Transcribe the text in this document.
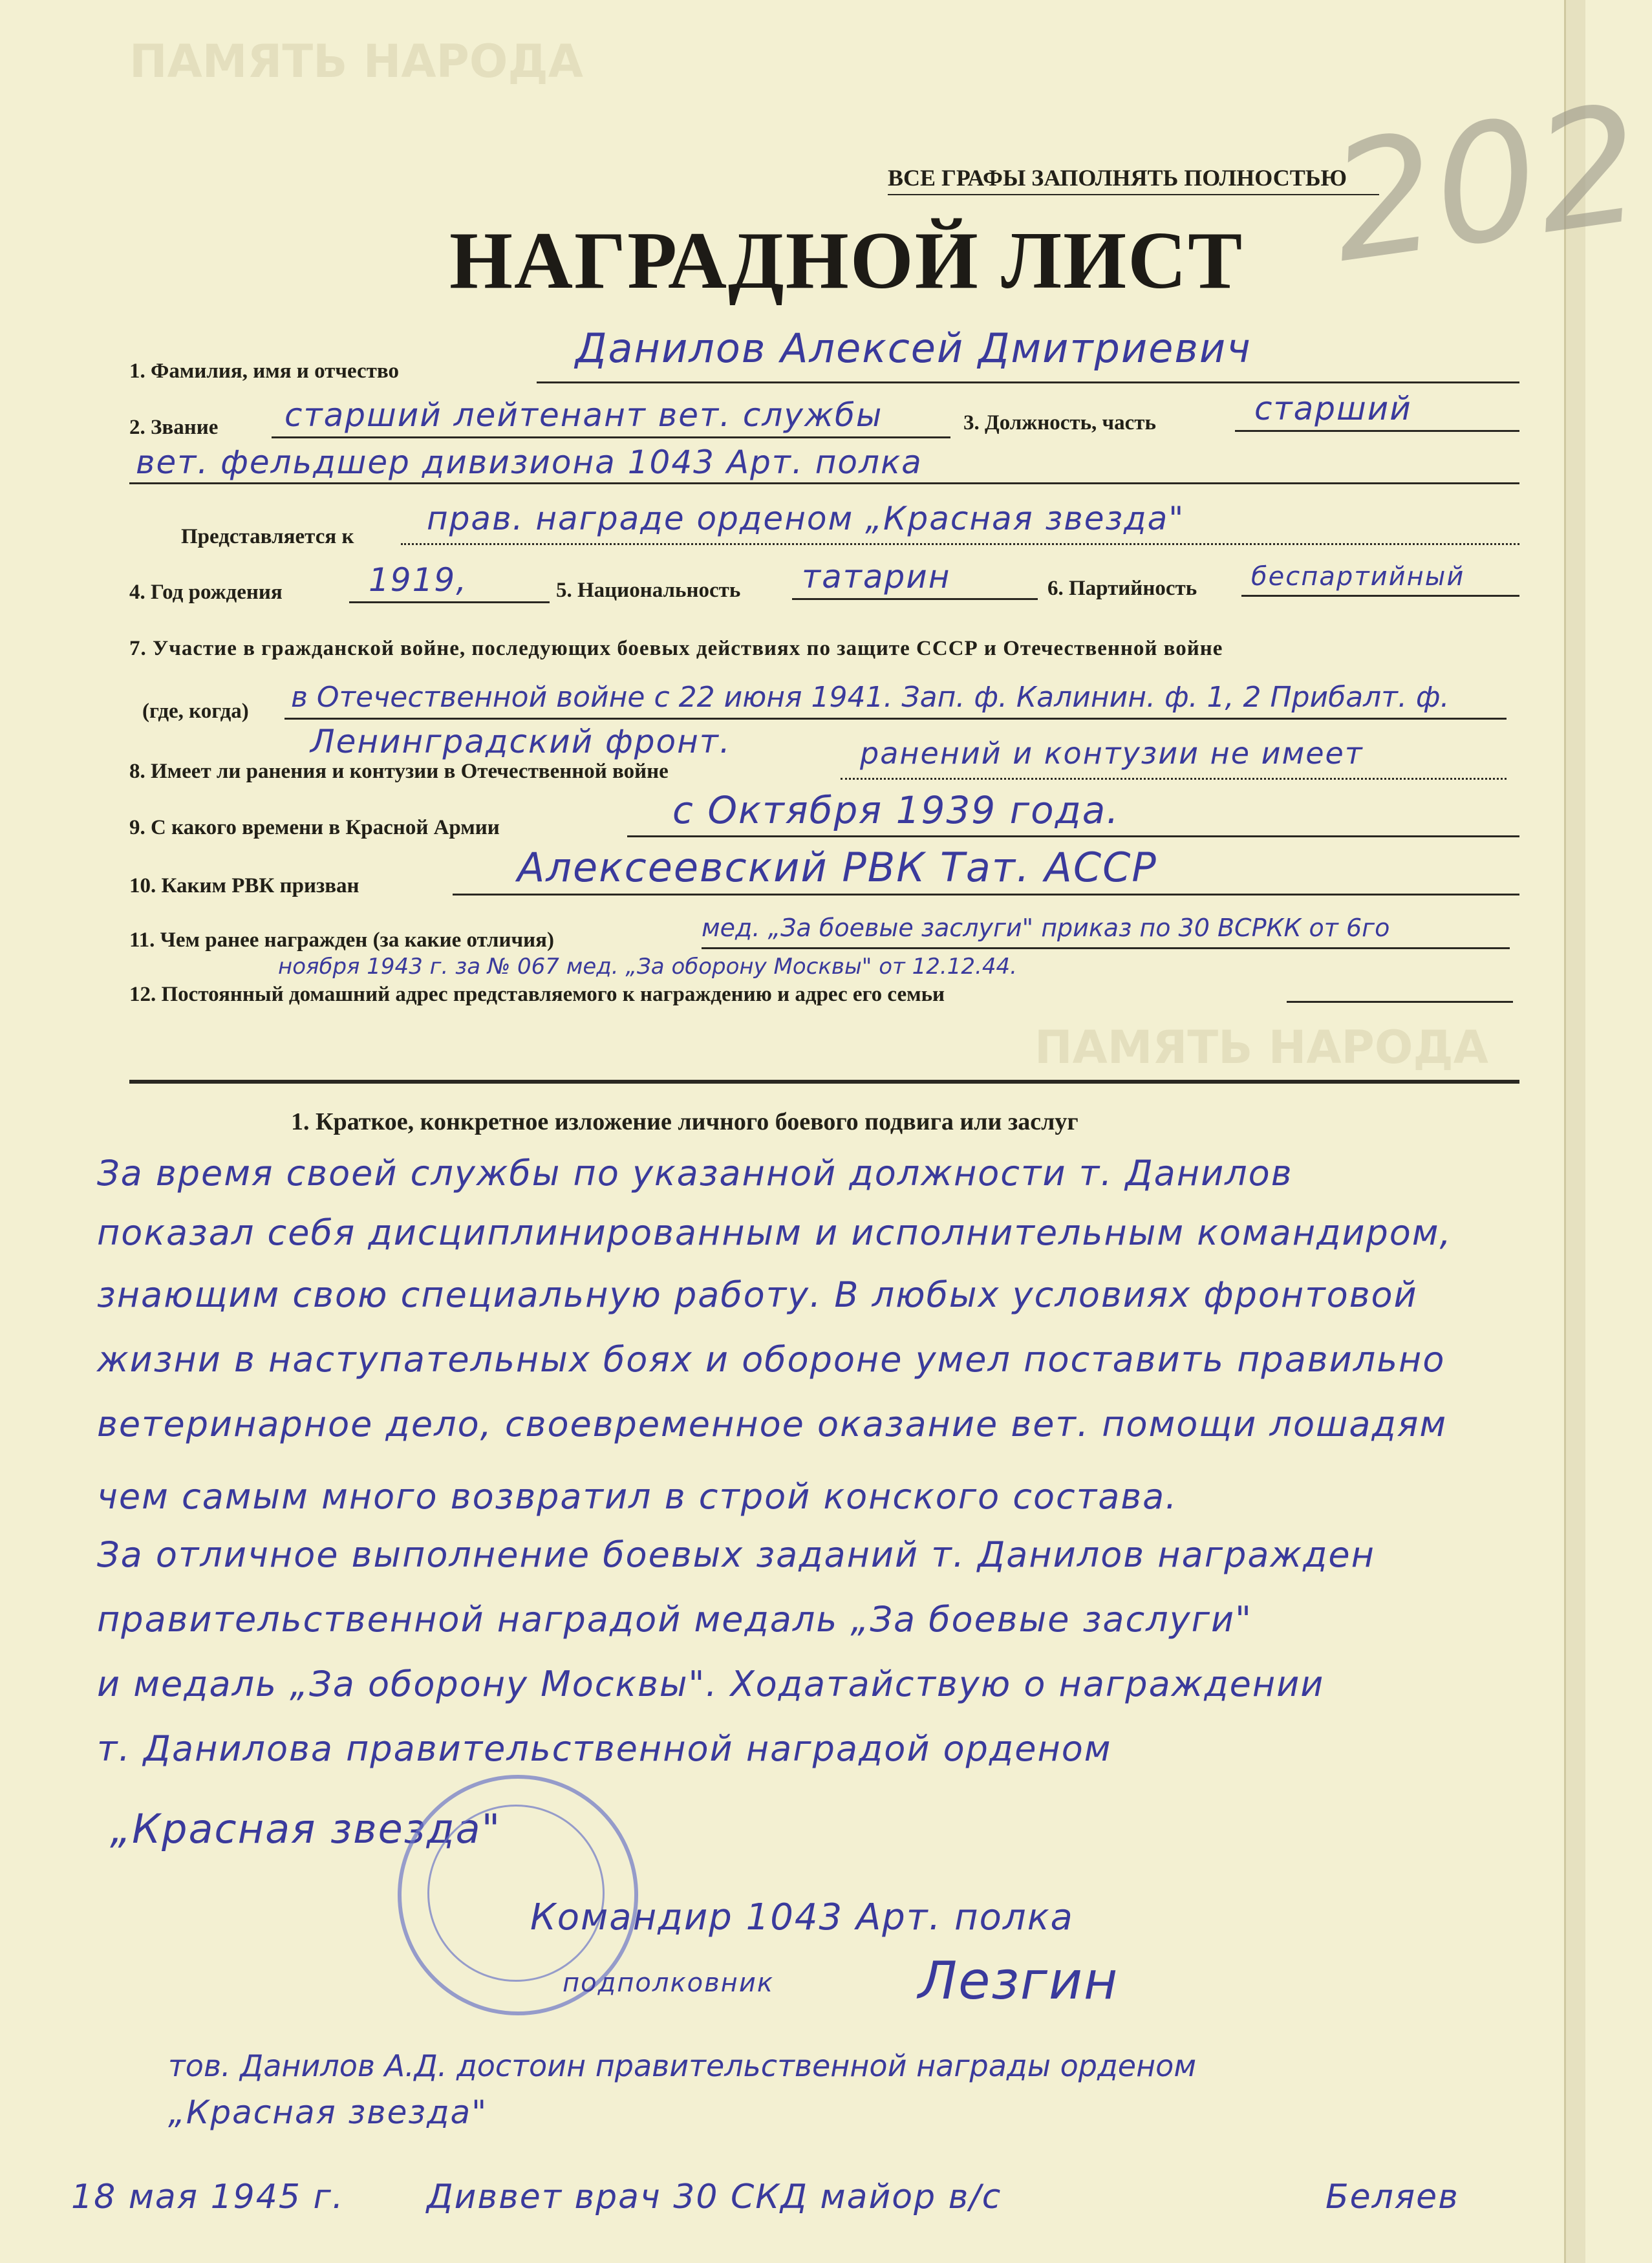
ПАМЯТЬ НАРОДА
ПАМЯТЬ НАРОДА
ВСЕ ГРАФЫ ЗАПОЛНЯТЬ ПОЛНОСТЬЮ
НАГРАДНОЙ ЛИСТ 202
1. Фамилия, имя и отчество	Данилов Алексей Дмитриевич
2. Звание старший лейтенант вет. службы	3. Должность, часть	старший
вет. фельдшер дивизиона 1043 Арт. полка
Представляется к прав. награде орденом „Красная звезда"
4. Год рождения	1919,	5. Национальность татарин	6. Партийность беспартийный
7. Участие в гражданской войне, последующих боевых действиях по защите СССР и Отечественной войне
(где, когда) в Отечественной войне с 22 июня 1941. Зап. ф. Калинин. ф. 1, 2 Прибалт. ф.
Ленинградский фронт.
8. Имеет ли ранения и контузии в Отечественной войне
ранений и контузии не имеет
9. С какого времени в Красной Армии	с Октября 1939 года.
10. Каким РВК призван	Алексеевский РВК Тат. АССР
11. Чем ранее награжден (за какие отличия)	мед. „За боевые заслуги" приказ по 30 ВСРКК от 6го
ноября 1943 г. за № 067 мед. „За оборону Москвы" от 12.12.44.
12. Постоянный домашний адрес представляемого к награждению и адрес его семьи
1. Краткое, конкретное изложение личного боевого подвига или заслуг
За время своей службы по указанной должности т. Данилов
показал себя дисциплинированным и исполнительным командиром,
знающим свою специальную работу. В любых условиях фронтовой
жизни в наступательных боях и обороне умел поставить правильно
ветеринарное дело, своевременное оказание вет. помощи лошадям
чем самым много возвратил в строй конского состава.
За отличное выполнение боевых заданий т. Данилов награжден
правительственной наградой медаль „За боевые заслуги"
и медаль „За оборону Москвы". Ходатайствую о награждении
т. Данилова правительственной наградой орденом
„Красная звезда"
Командир 1043 Арт. полка
подполковник	Лезгин
тов. Данилов А.Д. достоин правительственной награды орденом
„Красная звезда"
18 мая 1945 г. Диввет врач 30 СКД майор в/с	Беляев
